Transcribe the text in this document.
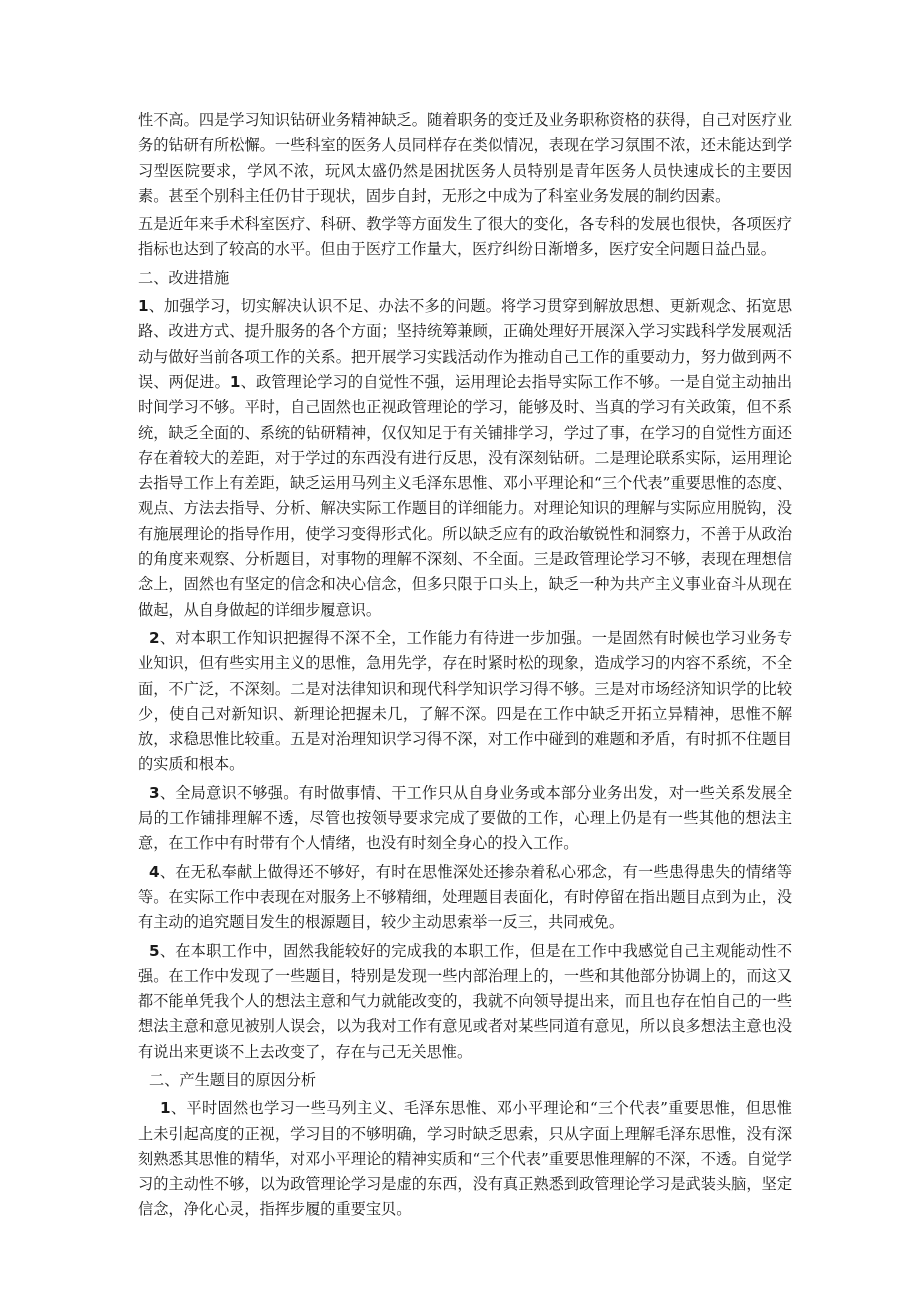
性不高。四是学习知识钻研业务精神缺乏。随着职务的变迁及业务职称资格的获得，自己对医疗业务的钻研有所松懈。一些科室的医务人员同样存在类似情况，表现在学习氛围不浓，还未能达到学习型医院要求，学风不浓，玩风太盛仍然是困扰医务人员特别是青年医务人员快速成长的主要因素。甚至个别科主任仍甘于现状，固步自封，无形之中成为了科室业务发展的制约因素。

五是近年来手术科室医疗、科研、教学等方面发生了很大的变化，各专科的发展也很快，各项医疗指标也达到了较高的水平。但由于医疗工作量大，医疗纠纷日渐增多，医疗安全问题日益凸显。

二、改进措施

1、加强学习，切实解决认识不足、办法不多的问题。将学习贯穿到解放思想、更新观念、拓宽思路、改进方式、提升服务的各个方面；坚持统筹兼顾，正确处理好开展深入学习实践科学发展观活动与做好当前各项工作的关系。把开展学习实践活动作为推动自己工作的重要动力，努力做到两不误、两促进。1、政管理论学习的自觉性不强，运用理论去指导实际工作不够。一是自觉主动抽出时间学习不够。平时，自己固然也正视政管理论的学习，能够及时、当真的学习有关政策，但不系统，缺乏全面的、系统的钻研精神，仅仅知足于有关铺排学习，学过了事，在学习的自觉性方面还存在着较大的差距，对于学过的东西没有进行反思，没有深刻钻研。二是理论联系实际，运用理论去指导工作上有差距，缺乏运用马列主义毛泽东思惟、邓小平理论和“三个代表”重要思惟的态度、观点、方法去指导、分析、解决实际工作题目的详细能力。对理论知识的理解与实际应用脱钩，没有施展理论的指导作用，使学习变得形式化。所以缺乏应有的政治敏锐性和洞察力，不善于从政治的角度来观察、分析题目，对事物的理解不深刻、不全面。三是政管理论学习不够，表现在理想信念上，固然也有坚定的信念和决心信念，但多只限于口头上，缺乏一种为共产主义事业奋斗从现在做起，从自身做起的详细步履意识。

2、对本职工作知识把握得不深不全，工作能力有待进一步加强。一是固然有时候也学习业务专业知识，但有些实用主义的思惟，急用先学，存在时紧时松的现象，造成学习的内容不系统，不全面，不广泛，不深刻。二是对法律知识和现代科学知识学习得不够。三是对市场经济知识学的比较少，使自己对新知识、新理论把握未几，了解不深。四是在工作中缺乏开拓立异精神，思惟不解放，求稳思惟比较重。五是对治理知识学习得不深，对工作中碰到的难题和矛盾，有时抓不住题目的实质和根本。

3、全局意识不够强。有时做事情、干工作只从自身业务或本部分业务出发，对一些关系发展全局的工作铺排理解不透，尽管也按领导要求完成了要做的工作，心理上仍是有一些其他的想法主意，在工作中有时带有个人情绪，也没有时刻全身心的投入工作。

4、在无私奉献上做得还不够好，有时在思惟深处还掺杂着私心邪念，有一些患得患失的情绪等等。在实际工作中表现在对服务上不够精细，处理题目表面化，有时停留在指出题目点到为止，没有主动的追究题目发生的根源题目，较少主动思索举一反三，共同戒免。

5、在本职工作中，固然我能较好的完成我的本职工作，但是在工作中我感觉自己主观能动性不强。在工作中发现了一些题目，特别是发现一些内部治理上的，一些和其他部分协调上的，而这又都不能单凭我个人的想法主意和气力就能改变的，我就不向领导提出来，而且也存在怕自己的一些想法主意和意见被别人误会，以为我对工作有意见或者对某些同道有意见，所以良多想法主意也没有说出来更谈不上去改变了，存在与己无关思惟。

二、产生题目的原因分析

1、平时固然也学习一些马列主义、毛泽东思惟、邓小平理论和“三个代表”重要思惟，但思惟上未引起高度的正视，学习目的不够明确，学习时缺乏思索，只从字面上理解毛泽东思惟，没有深刻熟悉其思惟的精华，对邓小平理论的精神实质和“三个代表”重要思惟理解的不深，不透。自觉学习的主动性不够，以为政管理论学习是虚的东西，没有真正熟悉到政管理论学习是武装头脑，坚定信念，净化心灵，指挥步履的重要宝贝。
